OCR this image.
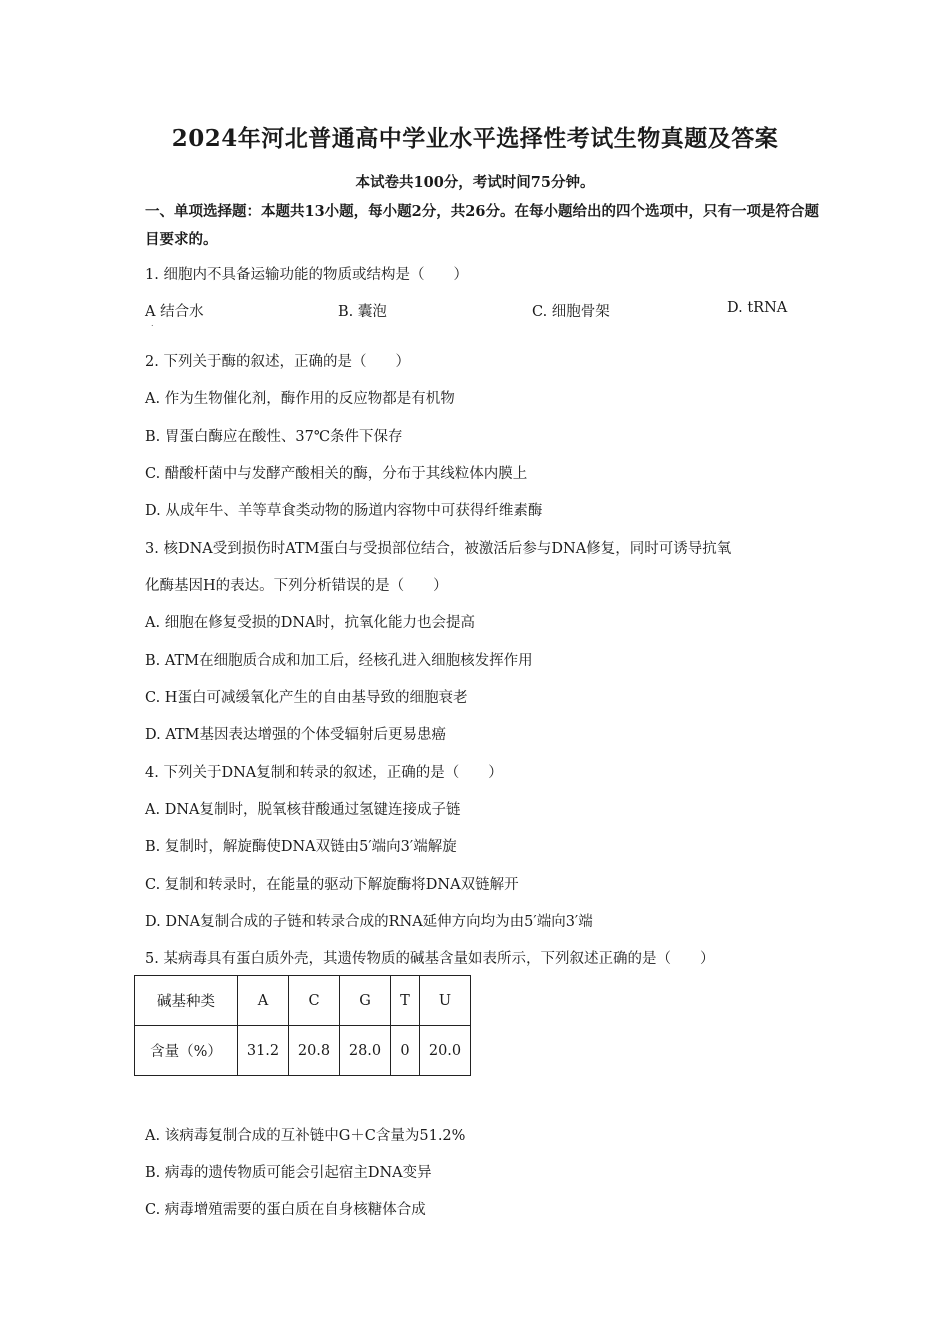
2024年河北普通高中学业水平选择性考试生物真题及答案

本试卷共100分，考试时间75分钟。

一、单项选择题：本题共13小题，每小题2分，共26分。在每小题给出的四个选项中，只有一项是符合题目要求的。

1. 细胞内不具备运输功能的物质或结构是（　　）

A 结合水	B. 囊泡	C. 细胞骨架	D. tRNA
.

2. 下列关于酶的叙述，正确的是（　　）

A. 作为生物催化剂，酶作用的反应物都是有机物

B. 胃蛋白酶应在酸性、37℃条件下保存

C. 醋酸杆菌中与发酵产酸相关的酶，分布于其线粒体内膜上

D. 从成年牛、羊等草食类动物的肠道内容物中可获得纤维素酶

3. 核DNA受到损伤时ATM蛋白与受损部位结合，被激活后参与DNA修复，同时可诱导抗氧

化酶基因H的表达。下列分析错误的是（　　）

A. 细胞在修复受损的DNA时，抗氧化能力也会提高

B. ATM在细胞质合成和加工后，经核孔进入细胞核发挥作用

C. H蛋白可减缓氧化产生的自由基导致的细胞衰老

D. ATM基因表达增强的个体受辐射后更易患癌

4. 下列关于DNA复制和转录的叙述，正确的是（　　）

A. DNA复制时，脱氧核苷酸通过氢键连接成子链

B. 复制时，解旋酶使DNA双链由5′端向3′端解旋

C. 复制和转录时，在能量的驱动下解旋酶将DNA双链解开

D. DNA复制合成的子链和转录合成的RNA延伸方向均为由5′端向3′端

5. 某病毒具有蛋白质外壳，其遗传物质的碱基含量如表所示，下列叙述正确的是（　　）

碱基种类	A	C	G	T	U
含量（%）	31.2	20.8	28.0	0	20.0

A. 该病毒复制合成的互补链中G＋C含量为51.2%

B. 病毒的遗传物质可能会引起宿主DNA变异

C. 病毒增殖需要的蛋白质在自身核糖体合成
